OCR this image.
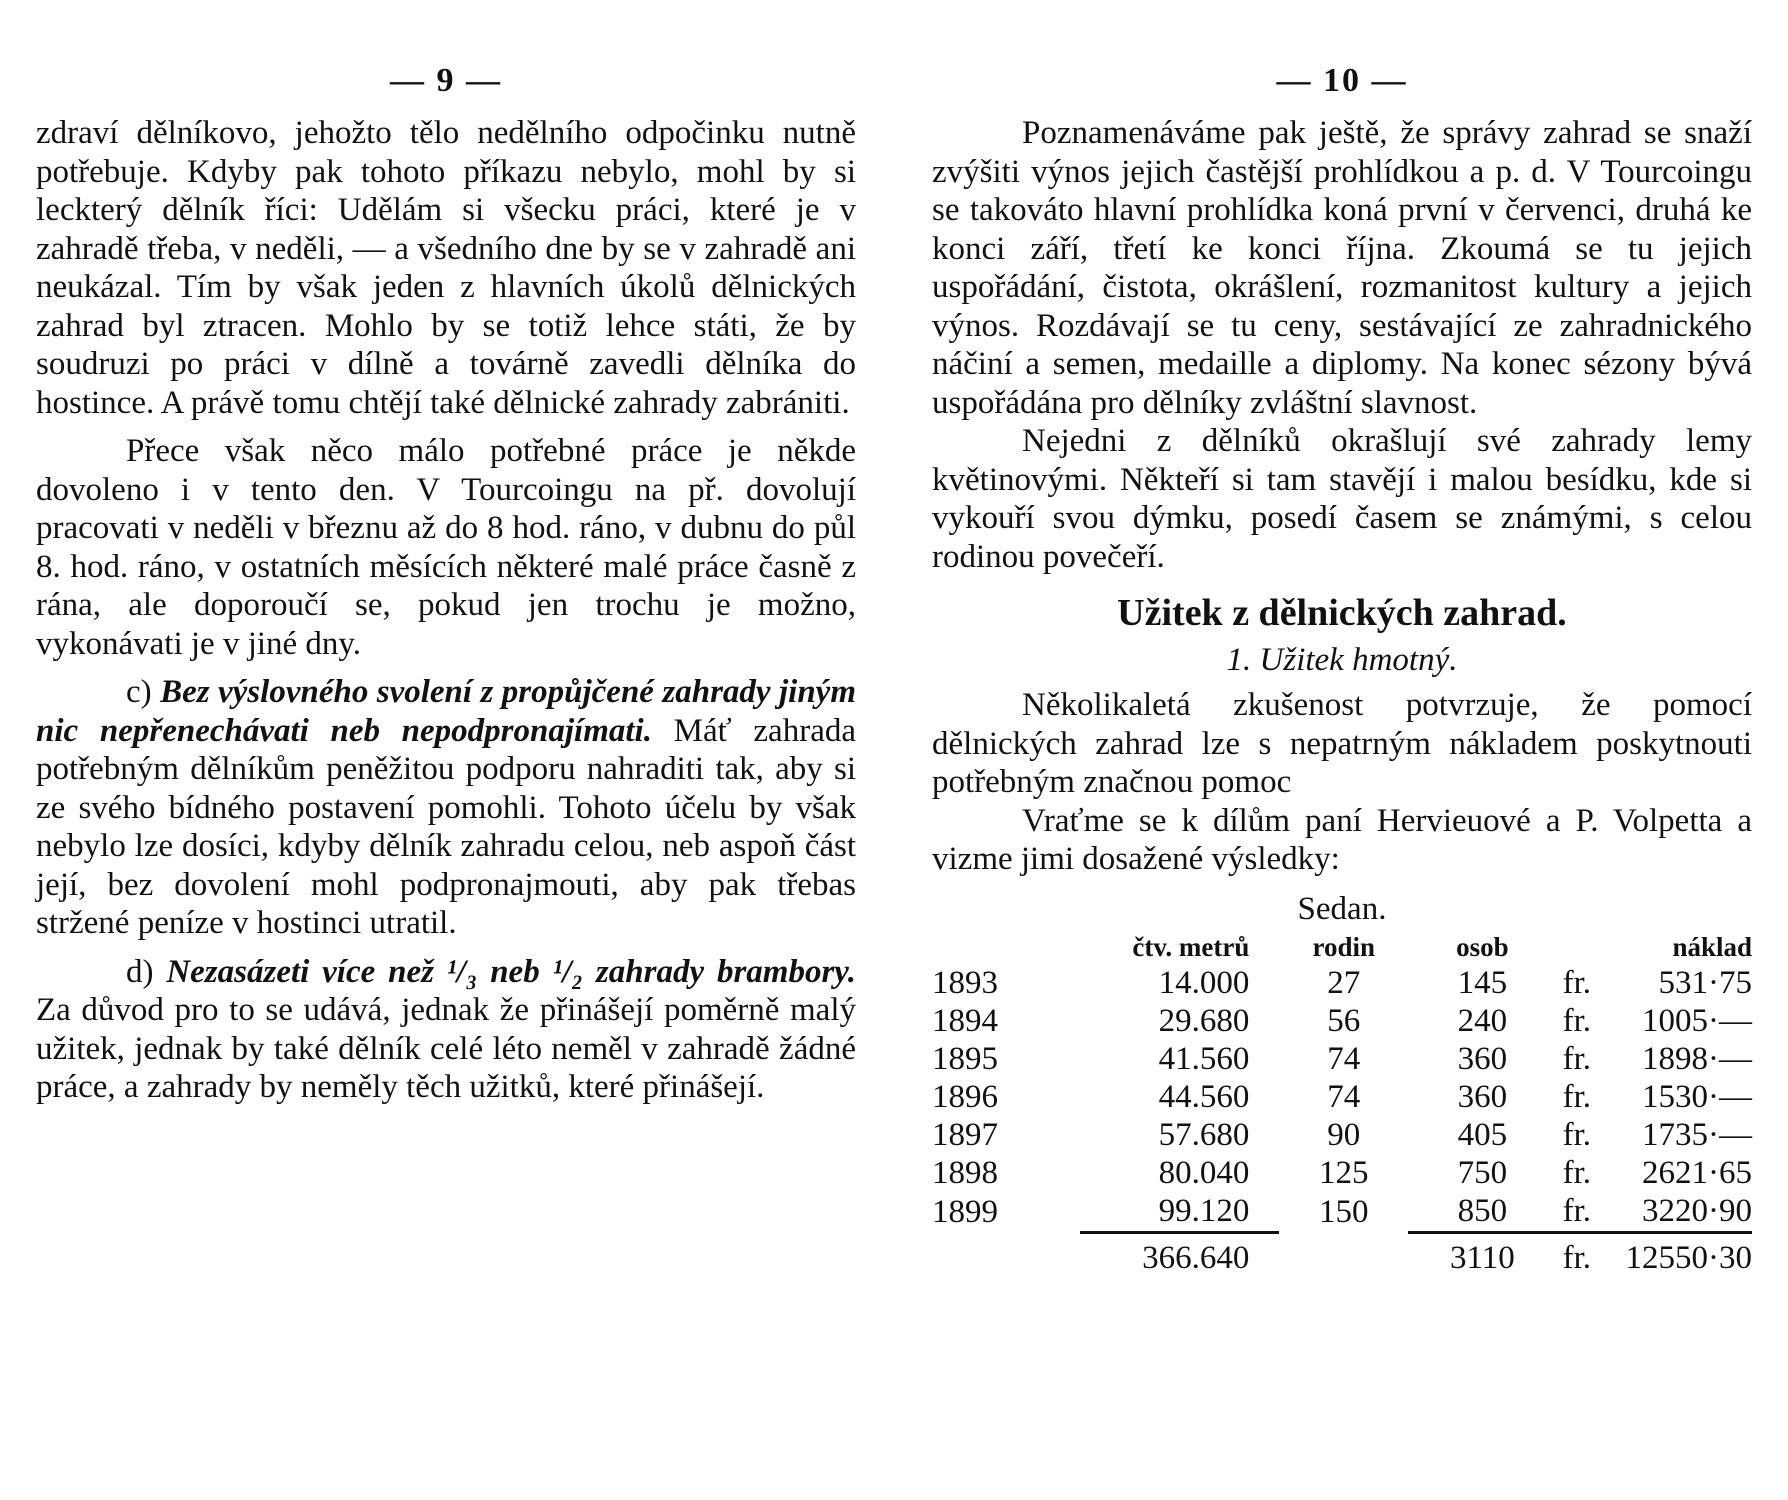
— 9 —

zdraví dělníkovo, jehožto tělo nedělního odpočinku nutně potřebuje. Kdyby pak tohoto příkazu nebylo, mohl by si leckterý dělník říci: Udělám si všecku práci, které je v zahradě třeba, v neděli, — a všedního dne by se v zahradě ani neukázal. Tím by však jeden z hlavních úkolů dělnických zahrad byl ztracen. Mohlo by se totiž lehce státi, že by soudruzi po práci v dílně a továrně zavedli dělníka do hostince. A právě tomu chtějí také dělnické zahrady zabrániti.

Přece však něco málo potřebné práce je někde dovoleno i v tento den. V Tourcoingu na př. dovolují pracovati v neděli v březnu až do 8 hod. ráno, v dubnu do půl 8. hod. ráno, v ostatních měsících některé malé práce časně z rána, ale doporoučí se, pokud jen trochu je možno, vykonávati je v jiné dny.

c) Bez výslovného svolení z propůjčené zahrady jiným nic nepřenechávati neb nepodpronajímati. Máť zahrada potřebným dělníkům peněžitou podporu nahraditi tak, aby si ze svého bídného postavení pomohli. Tohoto účelu by však nebylo lze dosíci, kdyby dělník zahradu celou, neb aspoň část její, bez dovolení mohl podpronajmouti, aby pak třebas stržené peníze v hostinci utratil.

d) Nezasázeti více než ¹/₃ neb ¹/₂ zahrady brambory. Za důvod pro to se udává, jednak že přinášejí poměrně malý užitek, jednak by také dělník celé léto neměl v zahradě žádné práce, a zahrady by neměly těch užitků, které přinášejí.

— 10 —

Poznamenáváme pak ještě, že správy zahrad se snaží zvýšiti výnos jejich častější prohlídkou a p. d. V Tourcoingu se takováto hlavní prohlídka koná první v červenci, druhá ke konci září, třetí ke konci října. Zkoumá se tu jejich uspořádání, čistota, okrášlení, rozmanitost kultury a jejich výnos. Rozdávají se tu ceny, sestávající ze zahradnického náčiní a semen, medaille a diplomy. Na konec sézony bývá uspořádána pro dělníky zvláštní slavnost.

Nejedni z dělníků okrašlují své zahrady lemy květinovými. Někteří si tam stavějí i malou besídku, kde si vykouří svou dýmku, posedí časem se známými, s celou rodinou povečeří.

Užitek z dělnických zahrad.
1. Užitek hmotný.

Několikaletá zkušenost potvrzuje, že pomocí dělnických zahrad lze s nepatrným nákladem poskytnouti potřebným značnou pomoc

Vraťme se k dílům paní Hervieuové a P. Volpetta a vizme jimi dosažené výsledky:

Sedan.
	čtv. metrů	rodin	osob		náklad
1893	14.000	27	145	fr.	531·75
1894	29.680	56	240	fr.	1005·—
1895	41.560	74	360	fr.	1898·—
1896	44.560	74	360	fr.	1530·—
1897	57.680	90	405	fr.	1735·—
1898	80.040	125	750	fr.	2621·65
1899	99.120	150	850	fr.	3220·90
	366.640		3110	fr.	12550·30
